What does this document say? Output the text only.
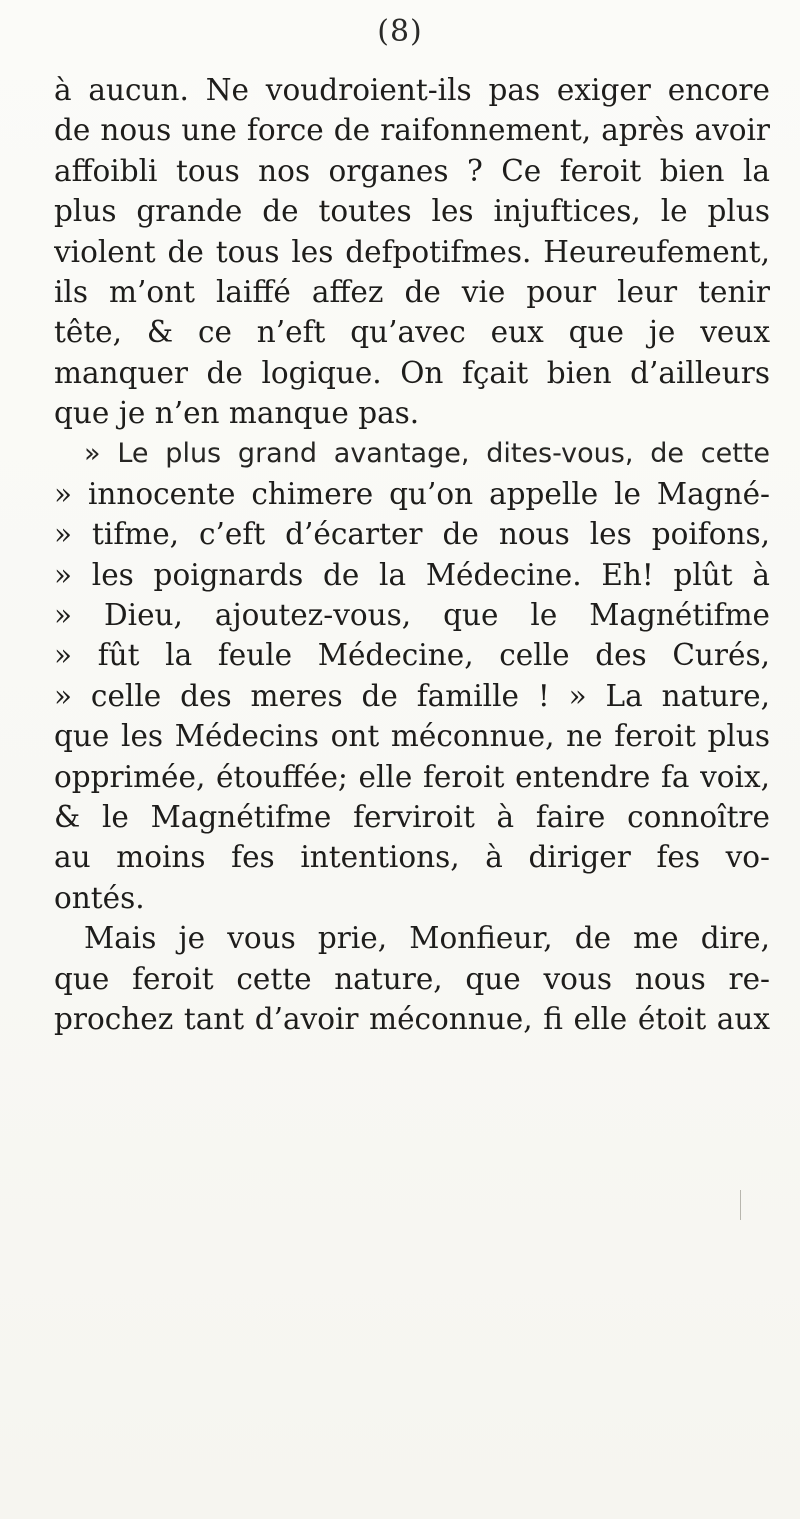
(8)
à aucun. Ne voudroient-ils pas exiger encore
de nous une force de raifonnement, après avoir
affoibli tous nos organes ? Ce feroit bien la
plus grande de toutes les injuftices, le plus
violent de tous les defpotifmes. Heureufement,
ils m’ont laiffé affez de vie pour leur tenir
tête, & ce n’eft qu’avec eux que je veux
manquer de logique. On fçait bien d’ailleurs
que je n’en manque pas.
» Le plus grand avantage, dites-vous, de cette
» innocente chimere qu’on appelle le Magné-
» tifme, c’eft d’écarter de nous les poifons,
» les poignards de la Médecine. Eh! plût à
» Dieu, ajoutez-vous, que le Magnétifme
» fût la feule Médecine, celle des Curés,
» celle des meres de famille ! » La nature,
que les Médecins ont méconnue, ne feroit plus
opprimée, étouffée; elle feroit entendre fa voix,
& le Magnétifme ferviroit à faire connoître
au moins fes intentions, à diriger fes vo-
ontés.
Mais je vous prie, Monfieur, de me dire,
que feroit cette nature, que vous nous re-
prochez tant d’avoir méconnue, fi elle étoit aux
